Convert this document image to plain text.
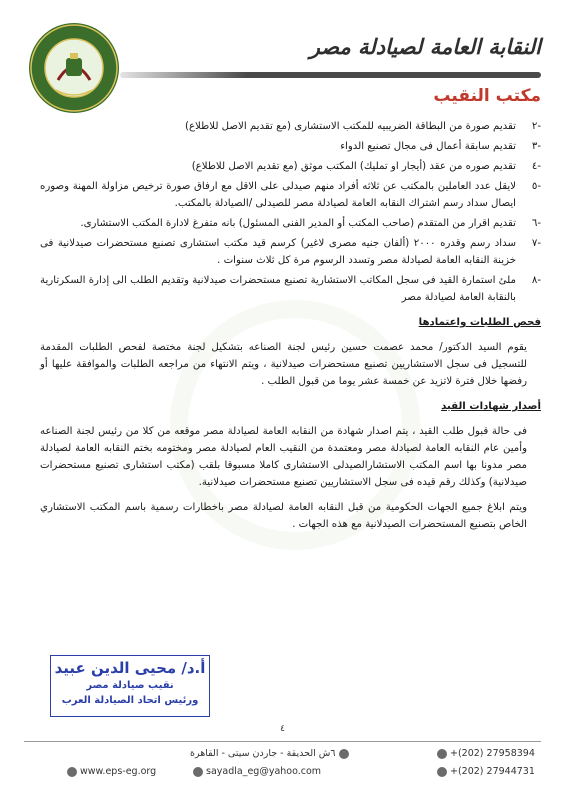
النقابة العامة لصيادلة مصر
مكتب النقيب
-٢
تقديم صورة من البطاقة الضريبيه للمكتب الاستشارى (مع تقديم الاصل للاطلاع)
-٣
تقديم سابقة أعمال فى مجال تصنيع الدواء
-٤
تقديم صوره من عقد (أيجار او تمليك) المكتب موثق (مع تقديم الاصل للاطلاع)
-٥
لايقل عدد العاملين بالمكتب عن ثلاثه أفراد منهم صيدلى على الاقل مع ارفاق صورة ترخيص مزاولة المهنة وصوره ايصال سداد رسم اشتراك النقابه العامة لصيادلة مصر للصيدلى /الصيادلة بالمكتب.
-٦
تقديم اقرار من المتقدم (صاحب المكتب أو المدير الفنى المسئول) بانه متفرغ لادارة المكتب الاستشارى.
-٧
سداد رسم وقدره ٢٠٠٠ (ألفان جنيه مصرى لاغير) كرسم قيد مكتب استشارى تصنيع مستحضرات صيدلانية فى خزينة النقابه العامة لصيادلة مصر وتسدد الرسوم مرة كل ثلاث سنوات .
-٨
ملئ استمارة القيد فى سجل المكاتب الاستشارية تصنيع مستحضرات صيدلانية وتقديم الطلب الى إدارة السكرتارية بالنقابة العامة لصيادلة مصر
فحص الطلبات واعتمادها
يقوم السيد الدكتور/ محمد عصمت حسين رئيس لجنة الصناعه بتشكيل لجنة مختصة لفحص الطلبات المقدمة للتسجيل فى سجل الاستشاريين تصنيع مستحضرات صيدلانية ، ويتم الانتهاء من مراجعه الطلبات والموافقة عليها أو رفضها خلال فترة لاتزيد عن خمسة عشر يوما من قبول الطلب .
أصدار شهادات القيد
فى حالة قبول طلب القيد ، يتم اصدار شهادة من النقابه العامة لصيادلة مصر موقعه من كلا من رئيس لجنة الصناعه وأمين عام النقابه العامة لصيادلة مصر ومعتمدة من النقيب العام لصيادلة مصر ومختومه بختم النقابه العامة لصيادلة مصر مدونا بها اسم المكتب الاستشارالصيدلى الاستشارى كاملا مسبوقا بلقب (مكتب استشارى تصنيع مستحضرات صيدلانية) وكذلك رقم قيده فى سجل الاستشاريين تصنيع مستحضرات صيدلانية.
ويتم ابلاغ جميع الجهات الحكومية من قبل النقابه العامة لصيادلة مصر باخطارات رسمية باسم المكتب الاستشاري الخاص بتصنيع المستحضرات الصيدلانية مع هذه الجهات .
أ.د/ محيى الدين عبيد
نقيب صيادلة مصر
ورئيس اتحاد الصيادلة العرب
٤
٦ش الحديقة - جاردن سيتى - القاهرة	+(202) 27958394
+(202) 27944731
www.eps-eg.org	sayadla_eg@yahoo.com
